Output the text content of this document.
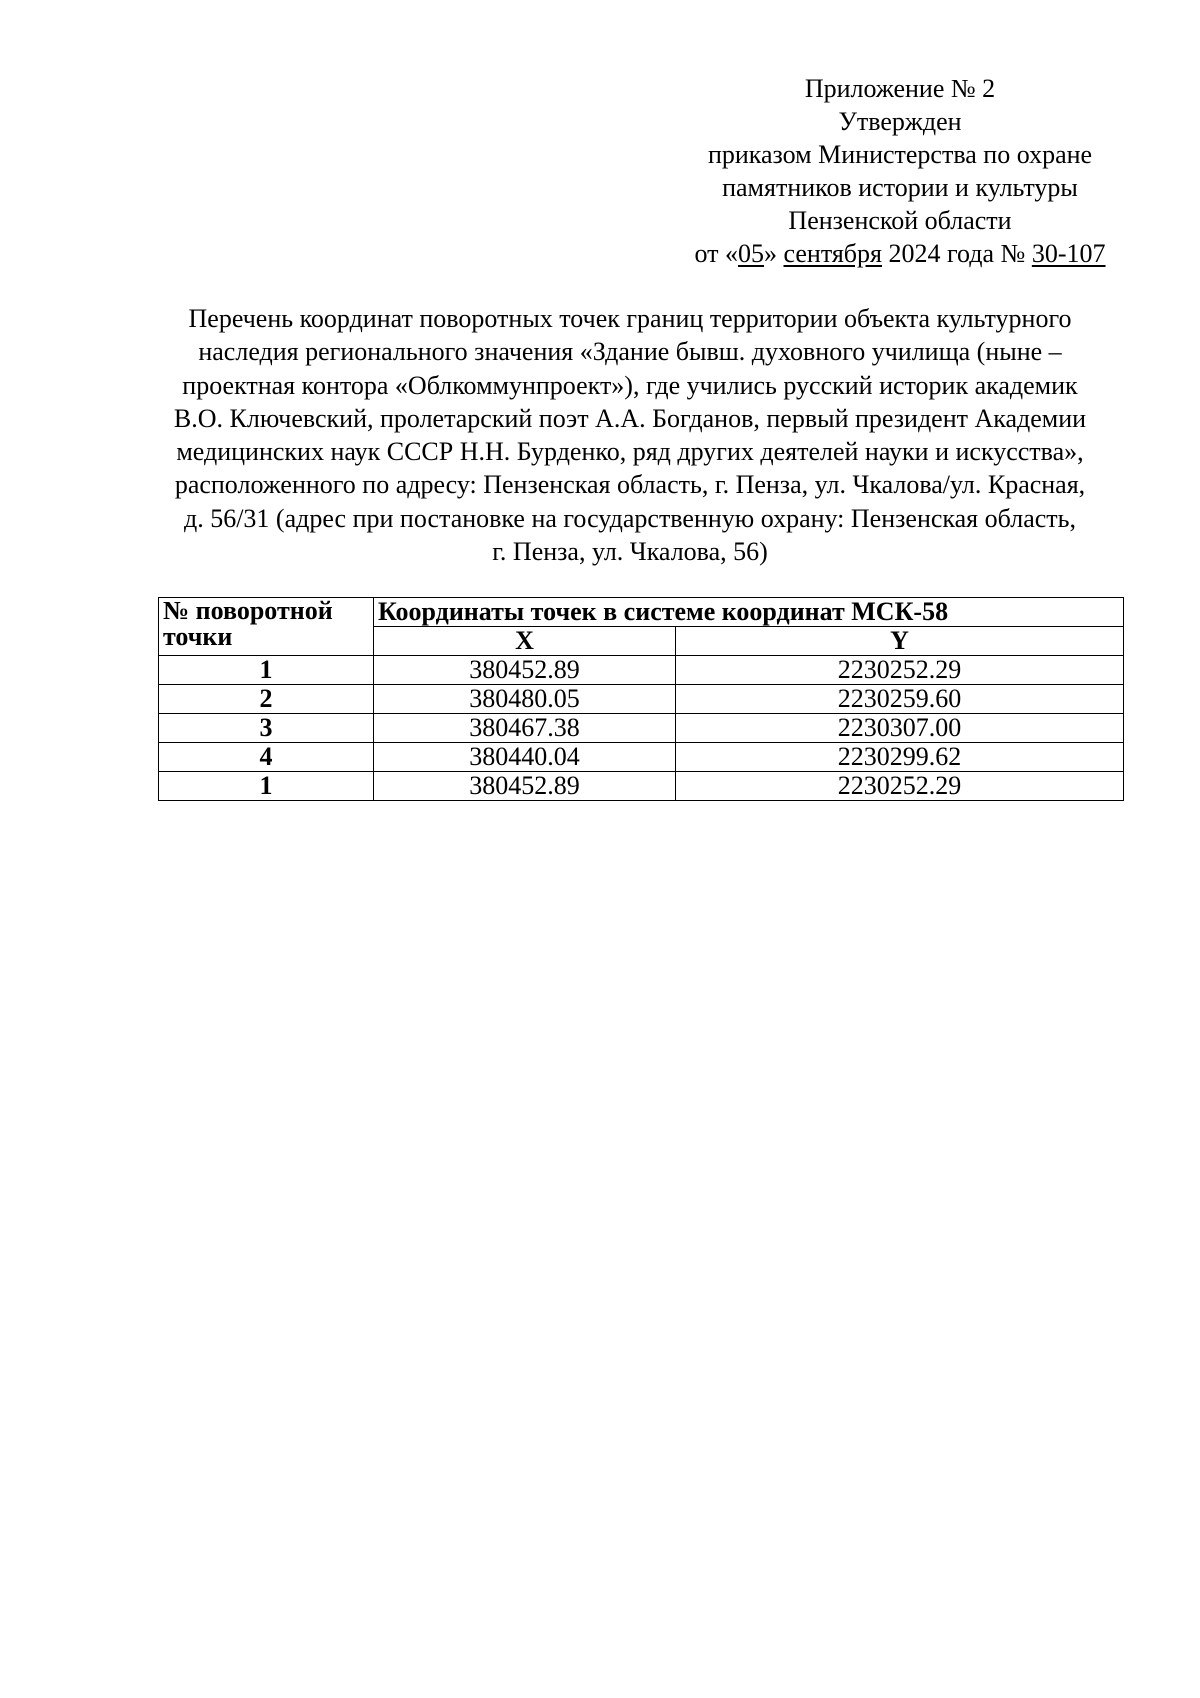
Приложение № 2
Утвержден
приказом Министерства по охране
памятников истории и культуры
Пензенской области
от «05» сентября 2024 года № 30-107
Перечень координат поворотных точек границ территории объекта культурного
наследия регионального значения «Здание бывш. духовного училища (ныне –
проектная контора «Облкоммунпроект»), где учились русский историк академик
В.О. Ключевский, пролетарский поэт А.А. Богданов, первый президент Академии
медицинских наук СССР Н.Н. Бурденко, ряд других деятелей науки и искусства»,
расположенного по адресу: Пензенская область, г. Пенза, ул. Чкалова/ул. Красная,
д. 56/31 (адрес при постановке на государственную охрану: Пензенская область,
г. Пенза, ул. Чкалова, 56)
№ поворотной
точки	Координаты точек в системе координат МСК-58	
	X	Y
1	380452.89	2230252.29
2	380480.05	2230259.60
3	380467.38	2230307.00
4	380440.04	2230299.62
1	380452.89	2230252.29
